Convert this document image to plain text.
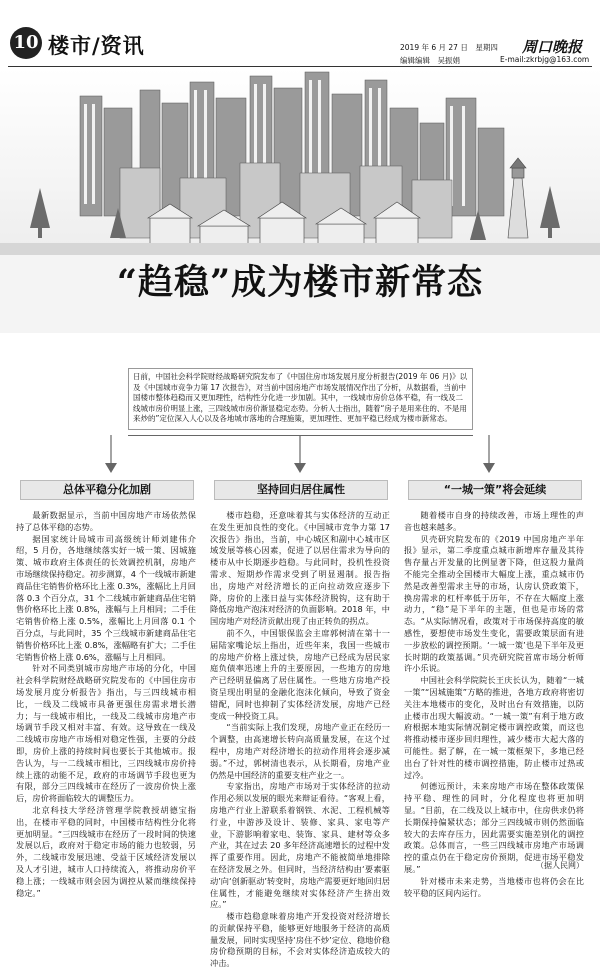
10 楼市/资讯	2019 年 6 月 27 日　星期四
编辑编辑　吴振娟
周口晚报
E-mail:zkrbjg@163.com
“趋稳”成为楼市新常态
日前，中国社会科学院财经战略研究院发布了《中国住房市场发展月度分析报告(2019 年 06 月)》以及《中国城市竞争力第 17 次报告》，对当前中国房地产市场发展情况作出了分析，从数据看，当前中国楼市整体趋稳而又更加理性，结构性分化进一步加剧。其中，一线城市房价总体平稳，有一线及二线城市房价明显上涨，三四线城市房价渐显稳定态势。分析人士指出，随着“房子是用来住的、不是用来炒的”定位深入人心以及各地城市落地的合理施策，更加理性、更加平稳已经成为楼市新常态。
总体平稳分化加剧	坚持回归居住属性	“一城一策”将会延续

最新数据显示，当前中国房地产市场依然保持了总体平稳的态势。

据国家统计局城市司高级统计师刘建伟介绍，5 月份，各地继续落实好一城一策、因城施策、城市政府主体责任的长效调控机制，房地产市场继续保持稳定。初步测算，4 个一线城市新建商品住宅销售价格环比上涨 0.3%，涨幅比上月回落 0.3 个百分点，31 个二线城市新建商品住宅销售价格环比上涨 0.8%，涨幅与上月相同；二手住宅销售价格上涨 0.5%，涨幅比上月回落 0.1 个百分点，与此同时，35 个三线城市新建商品住宅销售价格环比上涨 0.8%，涨幅略有扩大；二手住宅销售价格上涨 0.6%，涨幅与上月相同。

针对不同类别城市房地产市场的分化，中国社会科学院财经战略研究院发布的《中国住房市场发展月度分析报告》指出，与三四线城市相比，一线及二线城市具备更强住房需求增长潜力；与一线城市相比，一线及二线城市房地产市场调节手段又相对丰富、有效。这导致在一线及二线城市房地产市场相对稳定性强，主要的分歧即，房价上涨的持续时间也要长于其他城市。报告认为，与一二线城市相比，三四线城市房价持续上涨的动能不足，政府的市场调节手段也更为有限，部分三四线城市在经历了一波房价快上涨后，房价将面临较大的调整压力。

北京科技大学经济管理学院教授胡德宝指出，在楼市平稳的同时，中国楼市结构性分化将更加明显。“三四线城市在经历了一段时间的快速发展以后，政府对于稳定市场的能力也较弱，另外，二线城市发展迅速、受益于区域经济发展以及人才引进，城市人口持续流入，将推动房价平稳上涨；一线城市则会因为调控从紧而继续保持稳定。”

楼市趋稳，还意味着其与实体经济的互动正在发生更加良性的变化。《中国城市竞争力第 17 次报告》指出，当前，中心城区和副中心城市区域发展等核心因素，促进了以居住需求为导向的楼市从中长期逐步趋稳。与此同时，投机性投资需求、短期炒作需求受到了明显遏制。报告指出，房地产对经济增长的正向拉动效应逐步下降，房价的上涨日益与实体经济脱钩，这有助于降低房地产泡沫对经济的负面影响。2018 年，中国房地产对经济贡献出现了由正转负的拐点。

前不久，中国银保监会主席郭树清在第十一届陆家嘴论坛上指出，近些年来，我国一些城市的房地产价格上涨过快，房地产已经成为居民家庭负债率迅速上升的主要原因，一些地方的房地产已经明显偏离了居住属性。一些地方房地产投资呈现出明显的金融化泡沫化倾向，导致了资金错配，同时也抑制了实体经济发展，房地产已经变成一种投资工具。

“当前实际上我们发现，房地产业正在经历一个调整，由高速增长转向高质量发展，在这个过程中，房地产对经济增长的拉动作用将会逐步减弱。”不过，郭树清也表示，从长期看，房地产业仍然是中国经济的重要支柱产业之一。

专家指出，房地产市场对于实体经济的拉动作用必须以发展的眼光来辩证看待。“客观上看，房地产行业上游联系着钢铁、水泥、工程机械等行业，中游涉及设计、装修、家具、家电等产业，下游影响着家电、装饰、家具、建材等众多产业，其在过去 20 多年经济高速增长的过程中发挥了重要作用。因此，房地产不能被简单地排除在经济发展之外。但同时，当经济结构由‘要素驱动’向‘创新驱动’转变时，房地产需要更好地回归居住属性，才能避免继续对实体经济产生挤出效应。”

楼市趋稳意味着房地产开发投资对经济增长的贡献保持平稳，能够更好地服务于经济的高质量发展，同时实现坚持‘房住不炒’定位、稳地价稳房价稳预期的目标，不会对实体经济造成较大的冲击。

随着楼市自身的持续改善，市场上理性的声音也越来越多。

贝壳研究院发布的《2019 中国房地产半年报》显示，第二季度重点城市新增库存量及其待售存量占开发量的比例显著下降，但这股力量尚不能完全推动全国楼市大幅度上涨，重点城市仍然是改善型需求主导的市场，认房认贷政策下，换房需求的杠杆率低于历年，不存在大幅度上涨动力，“稳”是下半年的主题，但也是市场的常态。“从实际情况看，政策对于市场保持高度的敏感性，要想使市场发生变化，需要政策层面有进一步放松的调控预期。‘一城一策’也是下半年及更长时期的政策基调。”贝壳研究院首席市场分析师许小乐说。

中国社会科学院院长王庆长认为，随着“一城一策”“因城施策”方略的推进，各地方政府将密切关注本地楼市的变化，及时出台有效措施，以防止楼市出现大幅波动。“一城一策”有利于地方政府根据本地实际情况制定楼市调控政策，而这也将推动楼市逐步回归理性，减少楼市大起大落的可能性。据了解，在一城一策框架下，多地已经出台了针对性的楼市调控措施，防止楼市过热或过冷。

何德远预计，未来房地产市场在整体政策保持平稳、理性的同时，分化程度也将更加明显。“目前，在二线及以上城市中，住房供求仍将长期保持偏紧状态；部分三四线城市则仍然面临较大的去库存压力，因此需要实施差别化的调控政策。总体而言，一些三四线城市房地产市场调控的重点仍在于稳定房价预期，促进市场平稳发展。”

针对楼市未来走势，当地楼市也将仍会在比较平稳的区间内运行。

（据人民网）
